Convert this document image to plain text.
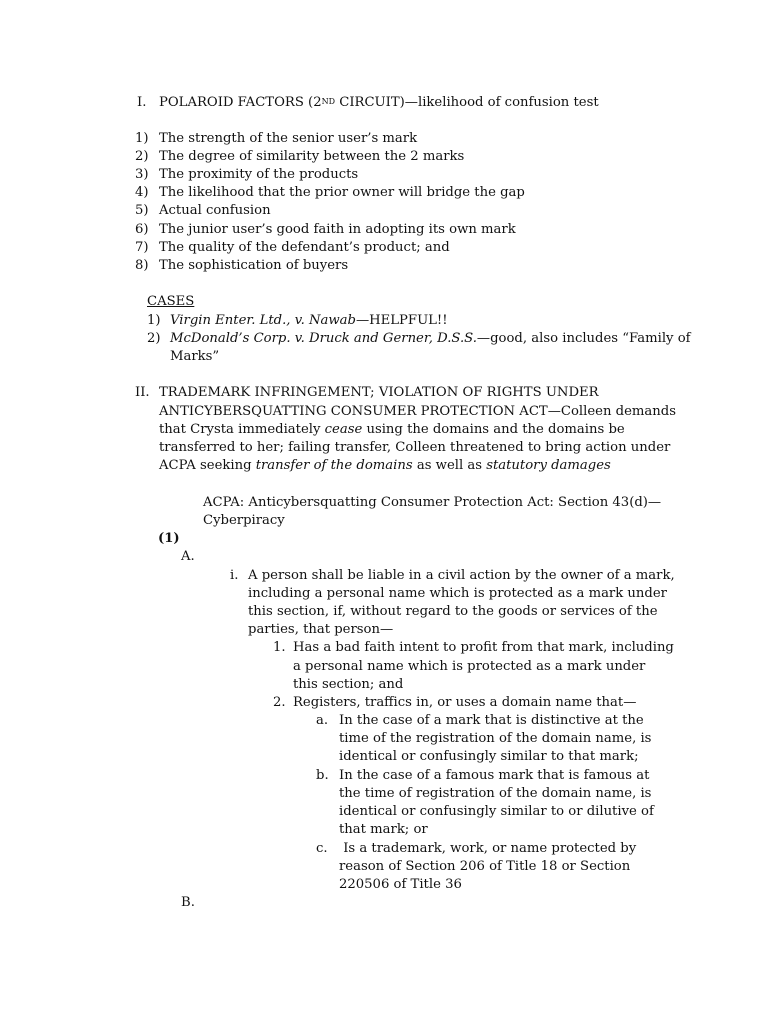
I. POLAROID FACTORS (2ND CIRCUIT)—likelihood of confusion test
1) The strength of the senior user’s mark
2) The degree of similarity between the 2 marks
3) The proximity of the products
4) The likelihood that the prior owner will bridge the gap
5) Actual confusion
6) The junior user’s good faith in adopting its own mark
7) The quality of the defendant’s product; and
8) The sophistication of buyers
CASES
1) Virgin Enter. Ltd., v. Nawab—HELPFUL!!
2) McDonald’s Corp. v. Druck and Gerner, D.S.S.—good, also includes “Family of
Marks”
II. TRADEMARK INFRINGEMENT; VIOLATION OF RIGHTS UNDER
ANTICYBERSQUATTING CONSUMER PROTECTION ACT—Colleen demands
that Crysta immediately cease using the domains and the domains be
transferred to her; failing transfer, Colleen threatened to bring action under
ACPA seeking transfer of the domains as well as statutory damages
ACPA: Anticybersquatting Consumer Protection Act: Section 43(d)—
Cyberpiracy
(1)
A.
i. A person shall be liable in a civil action by the owner of a mark,
including a personal name which is protected as a mark under
this section, if, without regard to the goods or services of the
parties, that person—
1. Has a bad faith intent to profit from that mark, including
a personal name which is protected as a mark under
this section; and
2. Registers, traffics in, or uses a domain name that—
a. In the case of a mark that is distinctive at the
time of the registration of the domain name, is
identical or confusingly similar to that mark;
b. In the case of a famous mark that is famous at
the time of registration of the domain name, is
identical or confusingly similar to or dilutive of
that mark; or
c. Is a trademark, work, or name protected by
reason of Section 206 of Title 18 or Section
220506 of Title 36
B.
